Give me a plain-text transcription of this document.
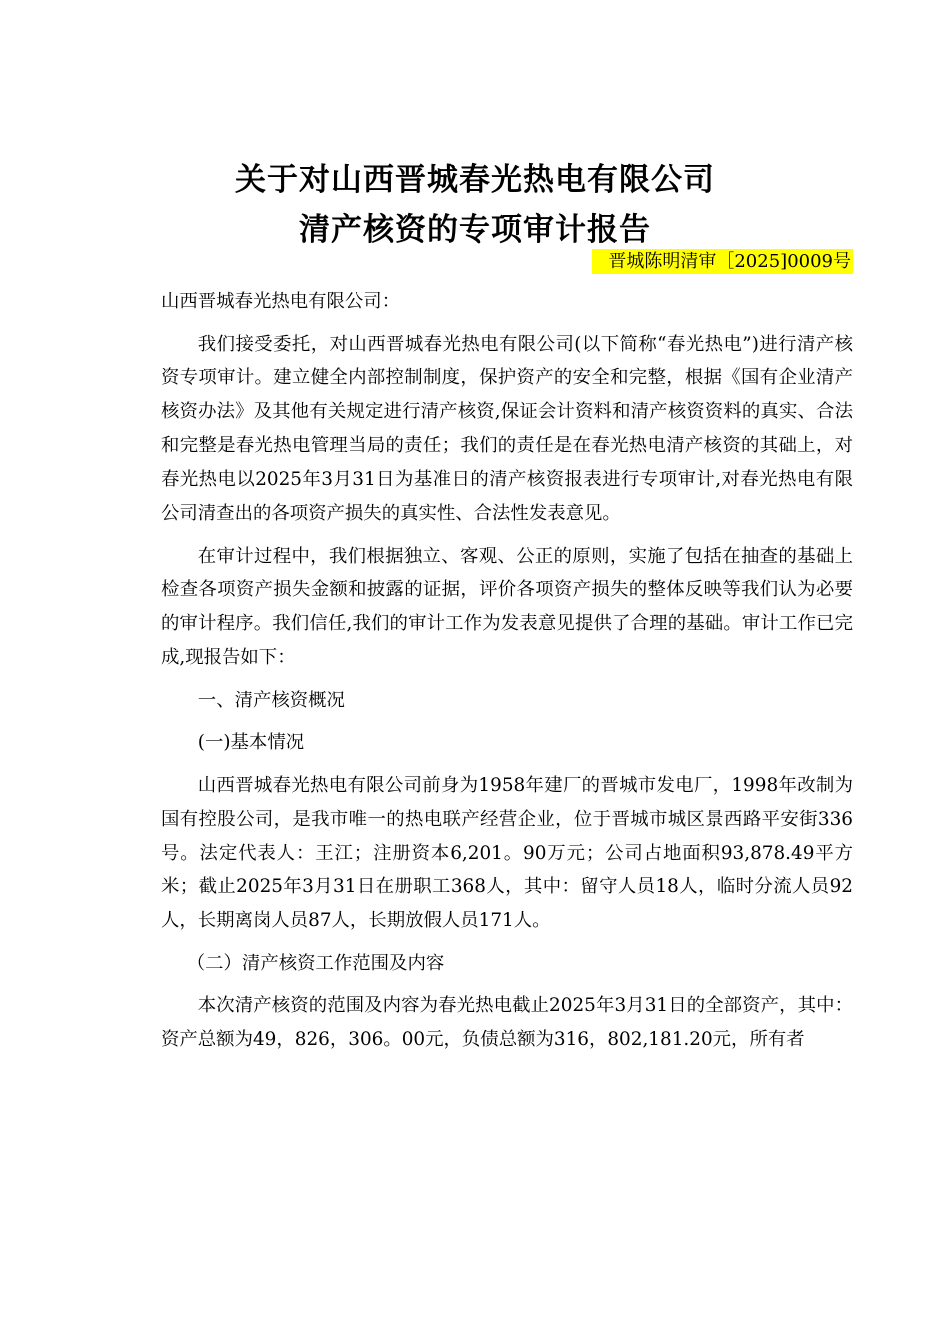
关于对山西晋城春光热电有限公司
清产核资的专项审计报告
晋城陈明清审［2025]0009号

山西晋城春光热电有限公司：

我们接受委托，对山西晋城春光热电有限公司(以下简称“春光热电”)进行清产核资专项审计。建立健全内部控制制度，保护资产的安全和完整，根据《国有企业清产核资办法》及其他有关规定进行清产核资,保证会计资料和清产核资资料的真实、合法和完整是春光热电管理当局的责任；我们的责任是在春光热电清产核资的其础上，对春光热电以2025年3月31日为基准日的清产核资报表进行专项审计,对春光热电有限公司清查出的各项资产损失的真实性、合法性发表意见。

在审计过程中，我们根据独立、客观、公正的原则，实施了包括在抽查的基础上检查各项资产损失金额和披露的证据，评价各项资产损失的整体反映等我们认为必要的审计程序。我们信任,我们的审计工作为发表意见提供了合理的基础。审计工作已完成,现报告如下：

一、清产核资概况

(一)基本情况

山西晋城春光热电有限公司前身为1958年建厂的晋城市发电厂，1998年改制为国有控股公司，是我市唯一的热电联产经营企业，位于晋城市城区景西路平安街336号。法定代表人：王江；注册资本6,201。90万元；公司占地面积93,878.49平方米；截止2025年3月31日在册职工368人，其中：留守人员18人，临时分流人员92人，长期离岗人员87人，长期放假人员171人。

（二）清产核资工作范围及内容

本次清产核资的范围及内容为春光热电截止2025年3月31日的全部资产，其中：资产总额为49，826，306。00元，负债总额为316，802,181.20元，所有者
